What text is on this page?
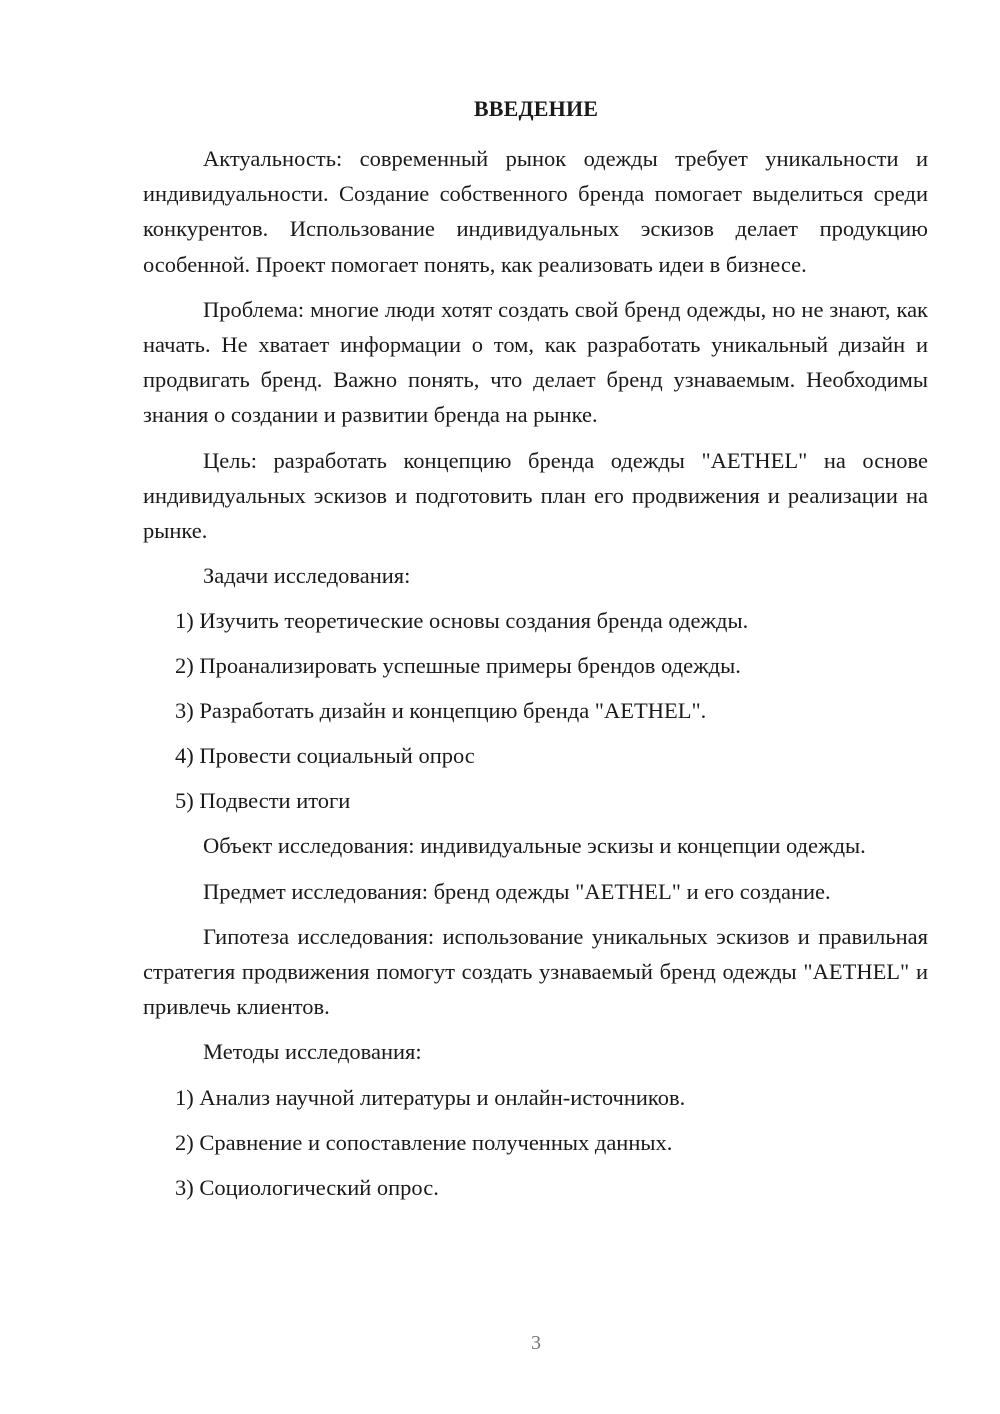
ВВЕДЕНИЕ

Актуальность: современный рынок одежды требует уникальности и индивидуальности. Создание собственного бренда помогает выделиться среди конкурентов. Использование индивидуальных эскизов делает продукцию особенной. Проект помогает понять, как реализовать идеи в бизнесе.

Проблема: многие люди хотят создать свой бренд одежды, но не знают, как начать. Не хватает информации о том, как разработать уникальный дизайн и продвигать бренд. Важно понять, что делает бренд узнаваемым. Необходимы знания о создании и развитии бренда на рынке.

Цель: разработать концепцию бренда одежды "AETHEL" на основе индивидуальных эскизов и подготовить план его продвижения и реализации на рынке.

Задачи исследования:

1) Изучить теоретические основы создания бренда одежды.

2) Проанализировать успешные примеры брендов одежды.

3) Разработать дизайн и концепцию бренда "AETHEL".

4) Провести социальный опрос

5) Подвести итоги

Объект исследования: индивидуальные эскизы и концепции одежды.

Предмет исследования: бренд одежды "AETHEL" и его создание.

Гипотеза исследования: использование уникальных эскизов и правильная стратегия продвижения помогут создать узнаваемый бренд одежды "AETHEL" и привлечь клиентов.

Методы исследования:

1) Анализ научной литературы и онлайн-источников.

2) Сравнение и сопоставление полученных данных.

3) Социологический опрос.

3
